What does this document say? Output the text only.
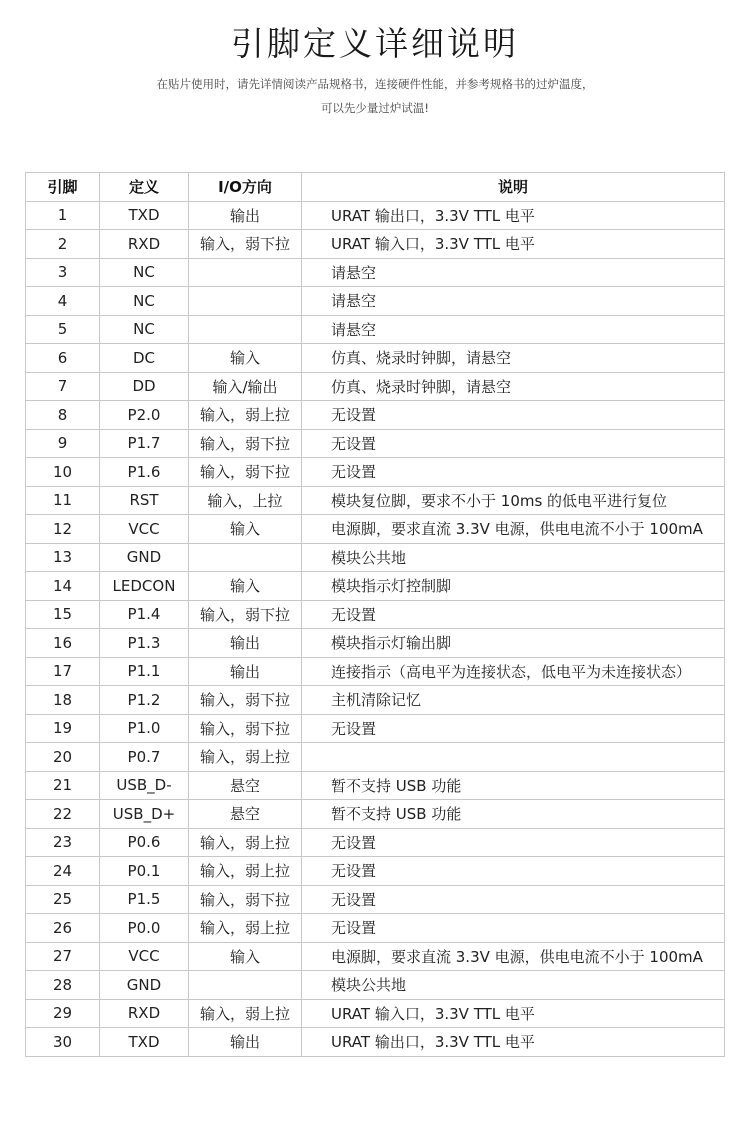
引脚定义详细说明
在贴片使用时，请先详情阅读产品规格书，连接硬件性能，并参考规格书的过炉温度，
可以先少量过炉试温!
引脚	定义	I/O方向	说明
1	TXD	输出	URAT 输出口，3.3V TTL 电平
2	RXD	输入，弱下拉	URAT 输入口，3.3V TTL 电平
3	NC		请悬空
4	NC		请悬空
5	NC		请悬空
6	DC	输入	仿真、烧录时钟脚，请悬空
7	DD	输入/输出	仿真、烧录时钟脚，请悬空
8	P2.0	输入，弱上拉	无设置
9	P1.7	输入，弱下拉	无设置
10	P1.6	输入，弱下拉	无设置
11	RST	输入，上拉	模块复位脚，要求不小于 10ms 的低电平进行复位
12	VCC	输入	电源脚，要求直流 3.3V 电源，供电电流不小于 100mA
13	GND		模块公共地
14	LEDCON	输入	模块指示灯控制脚
15	P1.4	输入，弱下拉	无设置
16	P1.3	输出	模块指示灯输出脚
17	P1.1	输出	连接指示（高电平为连接状态，低电平为未连接状态）
18	P1.2	输入，弱下拉	主机清除记忆
19	P1.0	输入，弱下拉	无设置
20	P0.7	输入，弱上拉	
21	USB_D-	悬空	暂不支持 USB 功能
22	USB_D+	悬空	暂不支持 USB 功能
23	P0.6	输入，弱上拉	无设置
24	P0.1	输入，弱上拉	无设置
25	P1.5	输入，弱下拉	无设置
26	P0.0	输入，弱上拉	无设置
27	VCC	输入	电源脚，要求直流 3.3V 电源，供电电流不小于 100mA
28	GND		模块公共地
29	RXD	输入，弱上拉	URAT 输入口，3.3V TTL 电平
30	TXD	输出	URAT 输出口，3.3V TTL 电平
